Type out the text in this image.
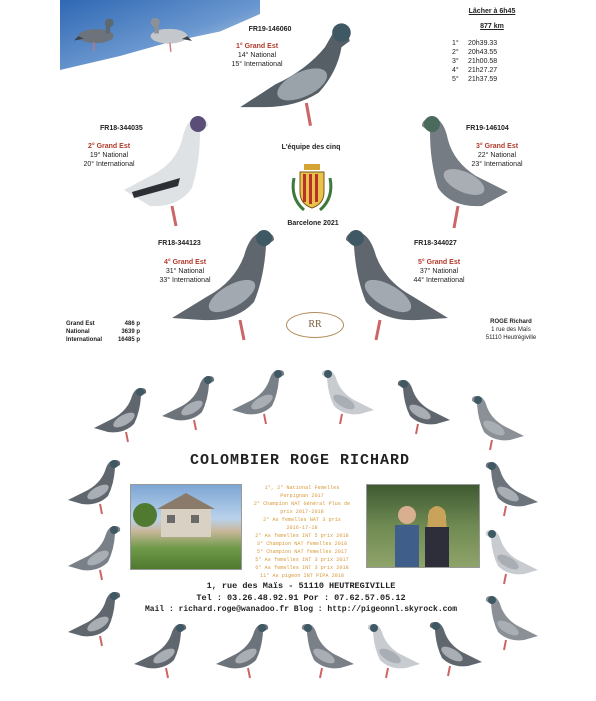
FR19-146060
1° Grand Est
14° National
15° International
Lâcher à 6h45
877 km
1°	20h39.33
2°	20h43.55
3°	21h00.58
4°	21h27.27
5°	21h37.59
FR18-344035
2° Grand Est
19° National
20° International
FR19-146104
3° Grand Est
22° National
23° International
L'équipe des cinq
Barcelone 2021
FR18-344123
4° Grand Est
31° National
33° International
FR18-344027
5° Grand Est
37° National
44° International
Grand Est	486 p
National	3639 p
International	16485 p
RR	ROGE Richard
1 rue des Maïs
51110 Heutrégiville
COLOMBIER ROGE RICHARD
1°, 2° National Femelles
Perpignan 2017
2° Champion NAT Général Plus de
prix 2017-2018
2° As femelles NAT 3 prix
2016-17-18
2° As femelles INT 5 prix 2018
3° Champion NAT femelles 2018
5° Champion NAT femelles 2017
5° As femelles INT 3 prix 2017
6° As femelles INT 3 prix 2018
11° As pigeon INT PIPA 2018
1, rue des Maïs - 51110 HEUTREGIVILLE
Tel : 03.26.48.92.91 Por : 07.62.57.05.12
Mail : richard.roge@wanadoo.fr Blog : http://pigeonnl.skyrock.com
